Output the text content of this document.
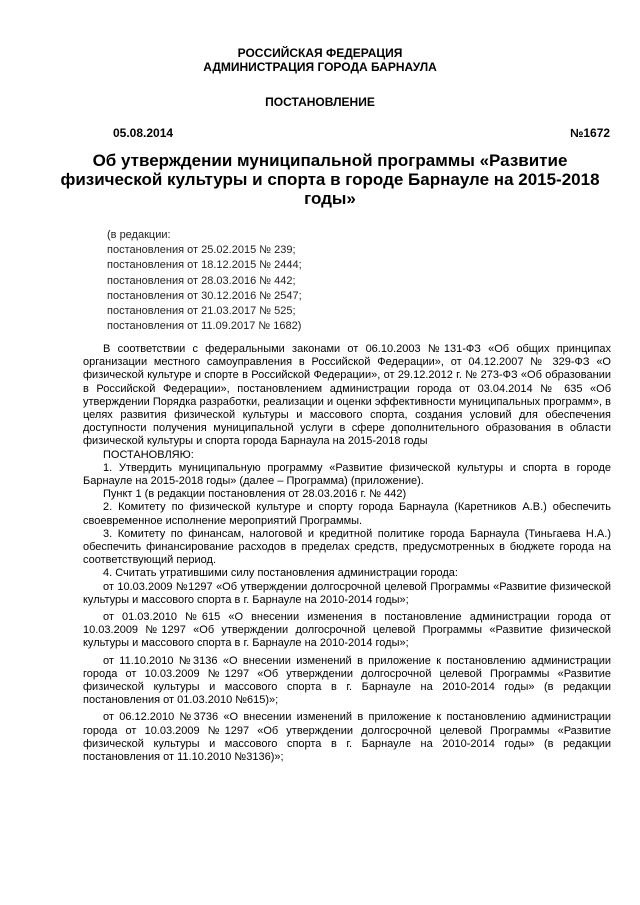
РОССИЙСКАЯ ФЕДЕРАЦИЯ
АДМИНИСТРАЦИЯ ГОРОДА БАРНАУЛА
ПОСТАНОВЛЕНИЕ
05.08.2014	№1672
Об утверждении муниципальной программы «Развитие физической культуры и спорта в городе Барнауле на 2015-2018 годы»
(в редакции:
постановления от 25.02.2015 № 239;
постановления от 18.12.2015 № 2444;
постановления от 28.03.2016 № 442;
постановления от 30.12.2016 № 2547;
постановления от 21.03.2017 № 525;
постановления от 11.09.2017 № 1682)

В соответствии с федеральными законами от 06.10.2003 №131-ФЗ «Об общих принципах организации местного самоуправления в Российской Федерации», от 04.12.2007 № 329-ФЗ «О физической культуре и спорте в Российской Федерации», от 29.12.2012 г. № 273-ФЗ «Об образовании в Российской Федерации», постановлением администрации города от 03.04.2014 № 635 «Об утверждении Порядка разработки, реализации и оценки эффективности муниципальных программ», в целях развития физической культуры и массового спорта, создания условий для обеспечения доступности получения муниципальной услуги в сфере дополнительного образования в области физической культуры и спорта города Барнаула на 2015-2018 годы

ПОСТАНОВЛЯЮ:

1. Утвердить муниципальную программу «Развитие физической культуры и спорта в городе Барнауле на 2015-2018 годы» (далее – Программа) (приложение).

Пункт 1 (в редакции постановления от 28.03.2016 г. № 442)

2. Комитету по физической культуре и спорту города Барнаула (Каретников А.В.) обеспечить своевременное исполнение мероприятий Программы.

3. Комитету по финансам, налоговой и кредитной политике города Барнаула (Тиньгаева Н.А.) обеспечить финансирование расходов в пределах средств, предусмотренных в бюджете города на соответствующий период.

4. Считать утратившими силу постановления администрации города:

от 10.03.2009 №1297 «Об утверждении долгосрочной целевой Программы «Развитие физической культуры и массового спорта в г. Барнауле на 2010-2014 годы»;

от 01.03.2010 №615 «О внесении изменения в постановление администрации города от 10.03.2009 №1297 «Об утверждении долгосрочной целевой Программы «Развитие физической культуры и массового спорта в г. Барнауле на 2010-2014 годы»;

от 11.10.2010 №3136 «О внесении изменений в приложение к постановлению администрации города от 10.03.2009 №1297 «Об утверждении долгосрочной целевой Программы «Развитие физической культуры и массового спорта в г. Барнауле на 2010-2014 годы» (в редакции постановления от 01.03.2010 №615)»;

от 06.12.2010 №3736 «О внесении изменений в приложение к постановлению администрации города от 10.03.2009 №1297 «Об утверждении долгосрочной целевой Программы «Развитие физической культуры и массового спорта в г. Барнауле на 2010-2014 годы» (в редакции постановления от 11.10.2010 №3136)»;
